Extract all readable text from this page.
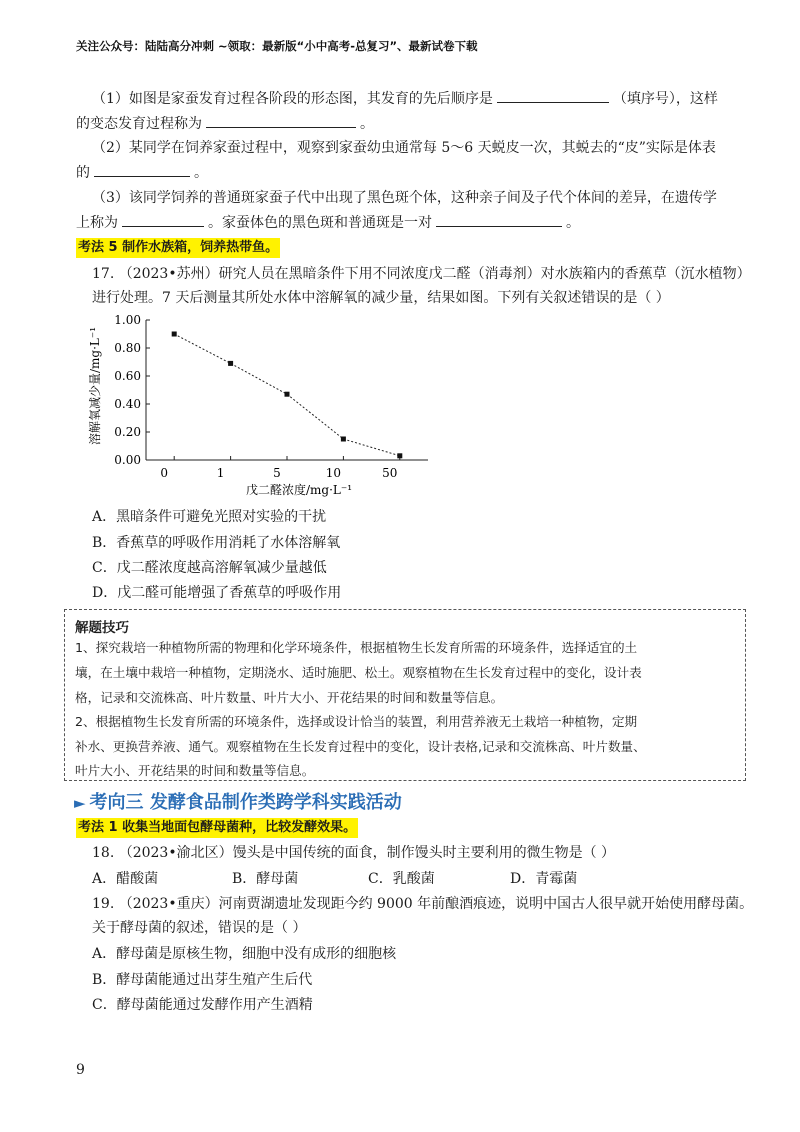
关注公众号：陆陆高分冲刺 ~领取：最新版“小中高考-总复习”、最新试卷下载
（1）如图是家蚕发育过程各阶段的形态图，其发育的先后顺序是	（填序号），这样
的变态发育过程称为	。
（2）某同学在饲养家蚕过程中，观察到家蚕幼虫通常每 5～6 天蜕皮一次，其蜕去的“皮”实际是体表
的	。
（3）该同学饲养的普通斑家蚕子代中出现了黑色斑个体，这种亲子间及子代个体间的差异，在遗传学
上称为	。家蚕体色的黑色斑和普通斑是一对	。
考法 5 制作水族箱，饲养热带鱼。
17. （2023•苏州）研究人员在黑暗条件下用不同浓度戊二醛（消毒剂）对水族箱内的香蕉草（沉水植物）
进行处理。7 天后测量其所处水体中溶解氧的减少量，结果如图。下列有关叙述错误的是（ ）
0.00
0.20
0.40
0.60
0.80
1.00
0	1	5	10	50
溶解氧减少量/mg·L⁻¹
戊二醛浓度/mg·L⁻¹
A．黑暗条件可避免光照对实验的干扰
B．香蕉草的呼吸作用消耗了水体溶解氧
C．戊二醛浓度越高溶解氧减少量越低
D．戊二醛可能增强了香蕉草的呼吸作用
解题技巧
1、探究栽培一种植物所需的物理和化学环境条件，根据植物生长发育所需的环境条件，选择适宜的土
壤，在土壤中栽培一种植物，定期浇水、适时施肥、松土。观察植物在生长发育过程中的变化，设计表
格，记录和交流株高、叶片数量、叶片大小、开花结果的时间和数量等信息。
2、根据植物生长发育所需的环境条件，选择或设计恰当的装置，利用营养液无土栽培一种植物，定期
补水、更换营养液、通气。观察植物在生长发育过程中的变化，设计表格,记录和交流株高、叶片数量、
叶片大小、开花结果的时间和数量等信息。
► 考向三 发酵食品制作类跨学科实践活动
考法 1 收集当地面包酵母菌种，比较发酵效果。
18. （2023•渝北区）馒头是中国传统的面食，制作馒头时主要利用的微生物是（ ）
A．醋酸菌	B．酵母菌	C．乳酸菌	D．青霉菌
19. （2023•重庆）河南贾湖遗址发现距今约 9000 年前酿酒痕迹，说明中国古人很早就开始使用酵母菌。
关于酵母菌的叙述，错误的是（ ）
A．酵母菌是原核生物，细胞中没有成形的细胞核
B．酵母菌能通过出芽生殖产生后代
C．酵母菌能通过发酵作用产生酒精
9
